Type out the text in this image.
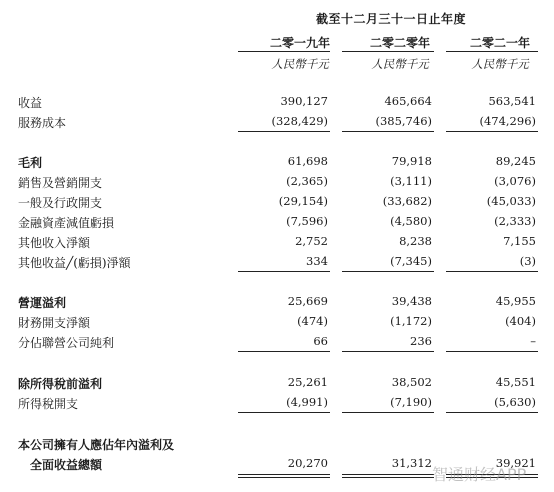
截至十二月三十一日止年度
二零一九年	二零二零年	二零二一年
人民幣千元	人民幣千元	人民幣千元
收益	390,127	465,664	563,541
服務成本	(328,429)	(385,746)	(474,296)
毛利	61,698	79,918	89,245
銷售及營銷開支	(2,365)	(3,111)	(3,076)
一般及行政開支	(29,154)	(33,682)	(45,033)
金融資產減值虧損	(7,596)	(4,580)	(2,333)
其他收入淨額	2,752	8,238	7,155
其他收益╱(虧損)淨額	334	(7,345)	(3)
營運溢利	25,669	39,438	45,955
財務開支淨額	(474)	(1,172)	(404)
分佔聯營公司純利	66	236	–
除所得稅前溢利	25,261	38,502	45,551
所得稅開支	(4,991)	(7,190)	(5,630)
本公司擁有人應佔年內溢利及
全面收益總額	20,270	31,312	39,921
智通财经APP
